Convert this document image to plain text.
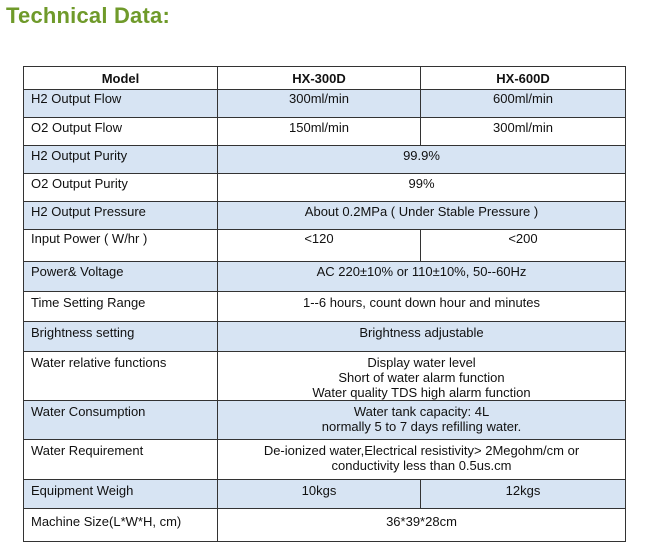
Technical Data:
Model	HX-300D	HX-600D

H2 Output Flow	300ml/min	600ml/min

O2 Output Flow	150ml/min	300ml/min

H2 Output Purity	99.9%	

O2 Output Purity	99%	

H2 Output Pressure	About 0.2MPa ( Under Stable Pressure )	

Input Power ( W/hr )	<120	<200

Power& Voltage	AC 220±10% or 110±10%, 50--60Hz	

Time Setting Range	1--6 hours, count down hour and minutes	

Brightness setting	Brightness adjustable	

Water relative functions	Display water level
Short of water alarm function
Water quality TDS high alarm function	

Water Consumption	Water tank capacity: 4L
normally 5 to 7 days refilling water.	

Water Requirement	De-ionized water,Electrical resistivity> 2Megohm/cm or
conductivity less than 0.5us.cm	

Equipment Weigh	10kgs	12kgs

Machine Size(L*W*H, cm)	36*39*28cm	
